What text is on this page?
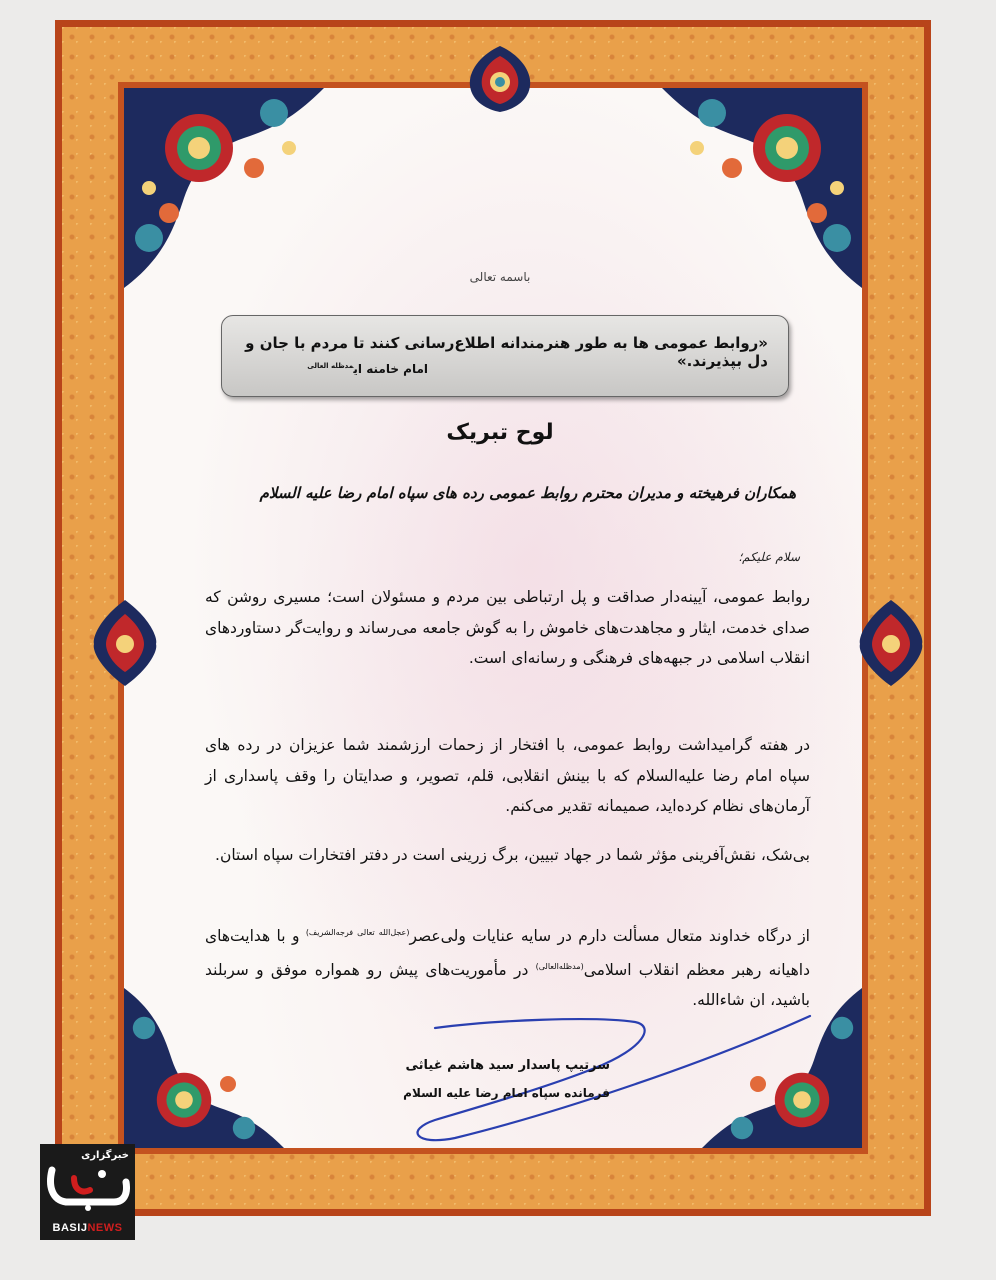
باسمه تعالی
«روابط عمومی ها به طور هنرمندانه اطلاع‌رسانی کنند تا مردم با جان و دل بپذیرند.»
امام خامنه ای$^{مدظله العالی}$
لوح تبریک
همکاران فرهیخته و مدیران محترم روابط عمومی رده های سپاه امام رضا علیه السلام
سلام علیکم؛
روابط عمومی، آیینه‌دار صداقت و پل ارتباطی بین مردم و مسئولان است؛ مسیری روشن که صدای خدمت، ایثار و مجاهدت‌های خاموش را به گوش جامعه می‌رساند و روایت‌گر دستاوردهای انقلاب اسلامی در جبهه‌های فرهنگی و رسانه‌ای است.
در هفته گرامیداشت روابط عمومی، با افتخار از زحمات ارزشمند شما عزیزان در رده های سپاه امام رضا علیه‌السلام که با بینش انقلابی، قلم، تصویر، و صدایتان را وقف پاسداری از آرمان‌های نظام کرده‌اید، صمیمانه تقدیر می‌کنم.
بی‌شک، نقش‌آفرینی مؤثر شما در جهاد تبیین، برگ زرینی است در دفتر افتخارات سپاه استان.
از درگاه خداوند متعال مسألت دارم در سایه عنایات ولی‌عصر$^{(عجل‌الله تعالی فرجه‌الشریف)}$ و با هدایت‌های داهیانه رهبر معظم انقلاب اسلامی$^{(مدظله‌العالی)}$ در مأموریت‌های پیش رو همواره موفق و سربلند باشید، ان شاءالله.
سرتیپ پاسدار سید هاشم غیاثی
فرمانده سپاه امام رضا علیه السلام
خبرگزاری
BASIJNEWS
